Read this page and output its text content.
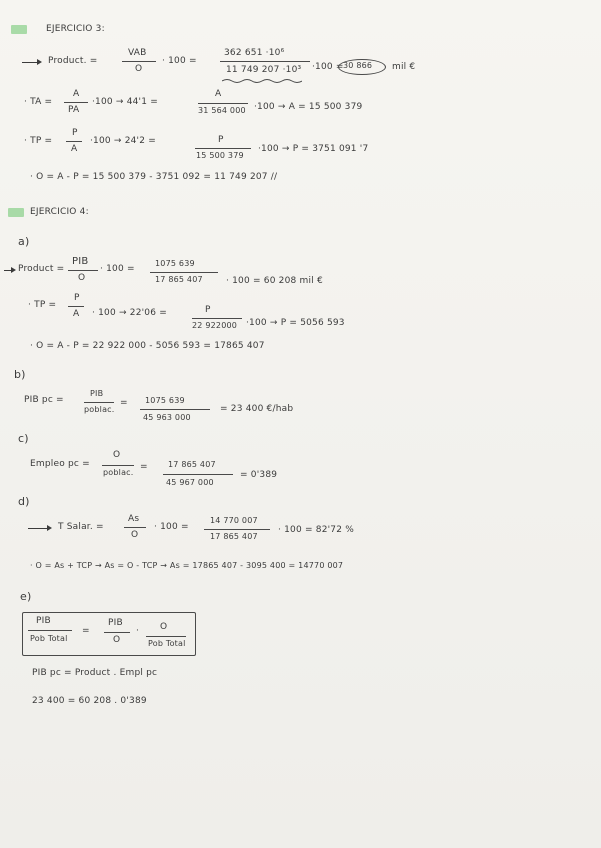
EJERCICIO 3:
Product. =
VAB
O
· 100 =
362 651 ·10⁶
11 749 207 ·10³ ·100 = 30 866 mil €
· TA =
A
PA
·100 → 44'1 =
A
31 564 000 ·100 → A = 15 500 379
· TP =
P
A
·100 → 24'2 =	P
15 500 379
·100 → P = 3751 091 '7
· O = A - P = 15 500 379 - 3751 092 = 11 749 207 //
EJERCICIO 4:
a)
Product =
PIB
O
· 100 =
1075 639
17 865 407	· 100 = 60 208 mil €
· TP =
P
A · 100 → 22'06 =	P
22 922000 ·100 → P = 5056 593
· O = A - P = 22 922 000 - 5056 593 = 17865 407
b)
PIB pc =
PIB
poblac.
= 1075 639
45 963 000
= 23 400 €/hab
c)
Empleo pc =
O
poblac.
=	17 865 407
45 967 000
= 0'389
d)
T Salar. =
As
O
· 100 =
14 770 007
17 865 407
· 100 = 82'72 %
· O = As + TCP → As = O - TCP → As = 17865 407 - 3095 400 = 14770 007
e)
PIB
Pob Total
=
PIB
O
· O
Pob Total
PIB pc = Product . Empl pc
23 400 = 60 208 . 0'389
